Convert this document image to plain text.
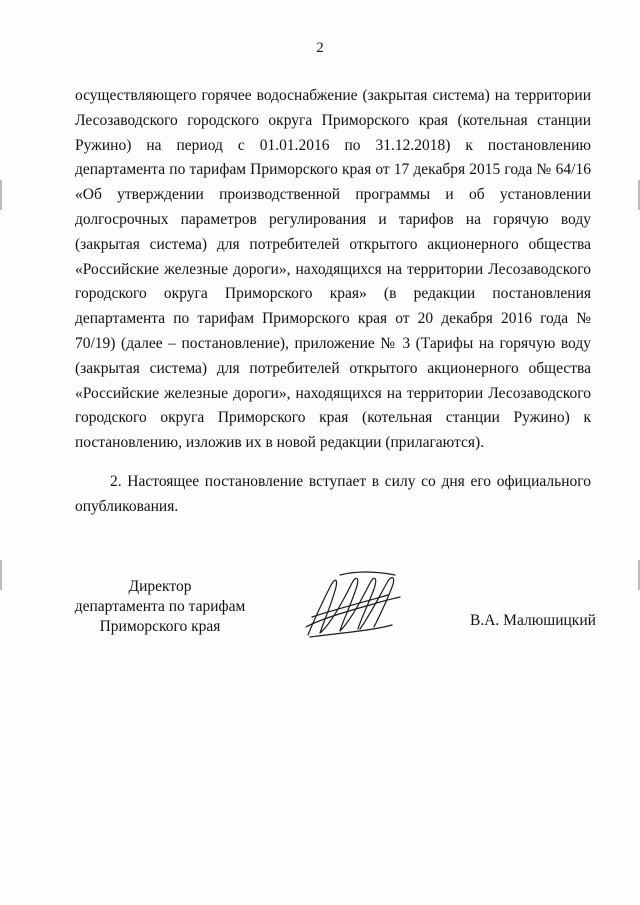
2

осуществляющего горячее водоснабжение (закрытая система) на территории Лесозаводского городского округа Приморского края (котельная станции Ружино) на период с 01.01.2016 по 31.12.2018) к постановлению департамента по тарифам Приморского края от 17 декабря 2015 года № 64/16 «Об утверждении производственной программы и об установлении долгосрочных параметров регулирования и тарифов на горячую воду (закрытая система) для потребителей открытого акционерного общества «Российские железные дороги», находящихся на территории Лесозаводского городского округа Приморского края» (в редакции постановления департамента по тарифам Приморского края от 20 декабря 2016 года № 70/19) (далее – постановление), приложение № 3 (Тарифы на горячую воду (закрытая система) для потребителей открытого акционерного общества «Российские железные дороги», находящихся на территории Лесозаводского городского округа Приморского края (котельная станции Ружино) к постановлению, изложив их в новой редакции (прилагаются).

2. Настоящее постановление вступает в силу со дня его официального опубликования.

Директор
департамента по тарифам
Приморского края	В.А. Малюшицкий
